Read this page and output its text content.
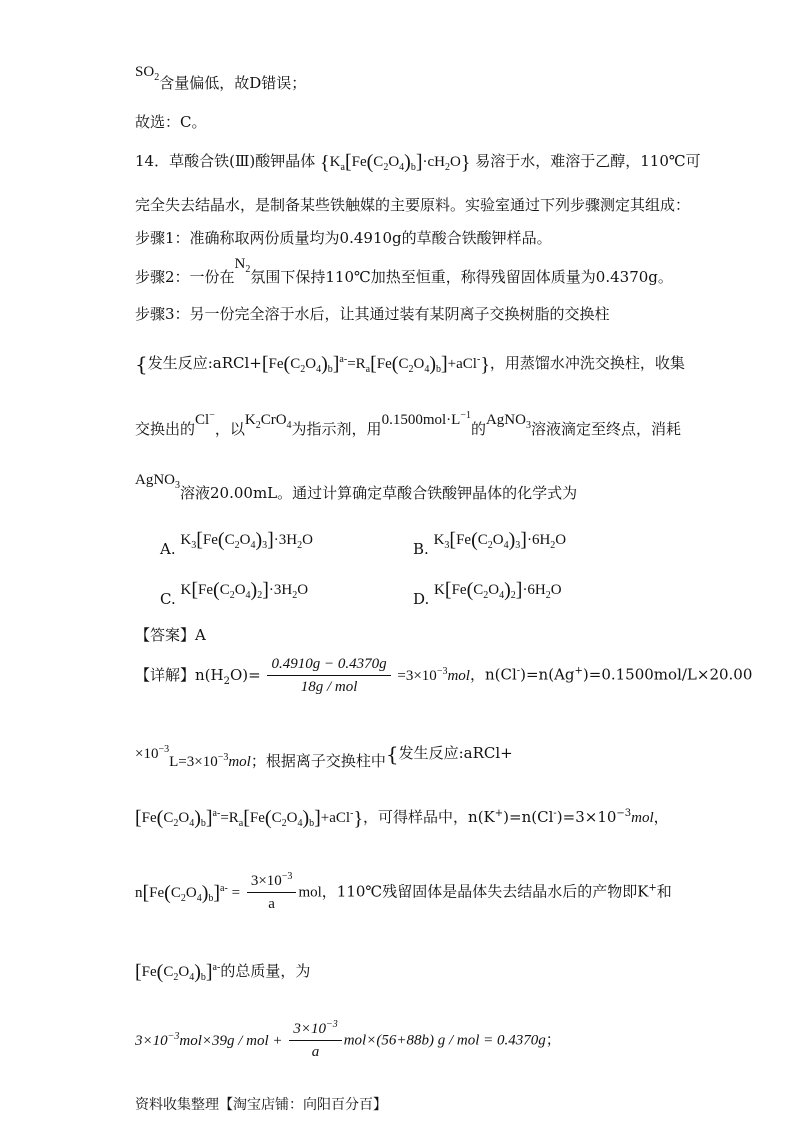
$SO_2$含量偏低，故D错误；
故选：C。
14．草酸合铁(Ⅲ)酸钾晶体 $\{K_a[Fe(C_2O_4)_b]\cdot cH_2O\}$ 易溶于水，难溶于乙醇，110℃可
完全失去结晶水，是制备某些铁触媒的主要原料。实验室通过下列步骤测定其组成：
步骤1：准确称取两份质量均为0.4910g的草酸合铁酸钾样品。
步骤2：一份在$N_2$氛围下保持110℃加热至恒重，称得残留固体质量为0.4370g。
步骤3：另一份完全溶于水后，让其通过装有某阴离子交换树脂的交换柱
{发生反应$:aRCl+[Fe(C_2O_4)_b]^{a-}=R_a[Fe(C_2O_4)_b]+aCl^-$}，用蒸馏水冲洗交换柱，收集
交换出的Cl−，以$K_2CrO_4$为指示剂，用$0.1500mol\cdot L^{-1}$的AgNO$_3$溶液滴定至终点，消耗
AgNO$_3$溶液20.00mL。通过计算确定草酸合铁酸钾晶体的化学式为
A. $K_3[Fe(C_2O_4)_3]\cdot 3H_2O$	B. $K_3[Fe(C_2O_4)_3]\cdot 6H_2O$
C. $K[Fe(C_2O_4)_2]\cdot 3H_2O$	D. $K[Fe(C_2O_4)_2]\cdot 6H_2O$
【答案】A
【详解】$n(H_2O)= \frac{0.4910g - 0.4370g}{\text{18g / mol}} =3\times 10^{-3}mol$，n(Cl-)=n(Ag+)=0.1500mol/L×20.00
$\times 10^{-3}L=3\times 10^{-3}mol$；根据离子交换柱中{发生反应:aRCl+
$[Fe(C_2O_4)_b]^{a-}=R_a[Fe(C_2O_4)_b]+aCl^-$}，可得样品中，$n(K^+)=n(Cl^-)=3\times 10^{-3}mol$，
$n[Fe(C_2O_4)_b]^{a-} = \frac{3\times 10^{-3}}{a}$ mol，110℃残留固体是晶体失去结晶水后的产物即K+和
$[Fe(C_2O_4)_b]^{a-}$的总质量，为
$3\times 10^{-3}mol\times 39g$ / mol + $\frac{3\times 10^{-3}}{a} mol\times(56+88b)$ g / mol = 0.4370g；
资料收集整理【淘宝店铺：向阳百分百】
